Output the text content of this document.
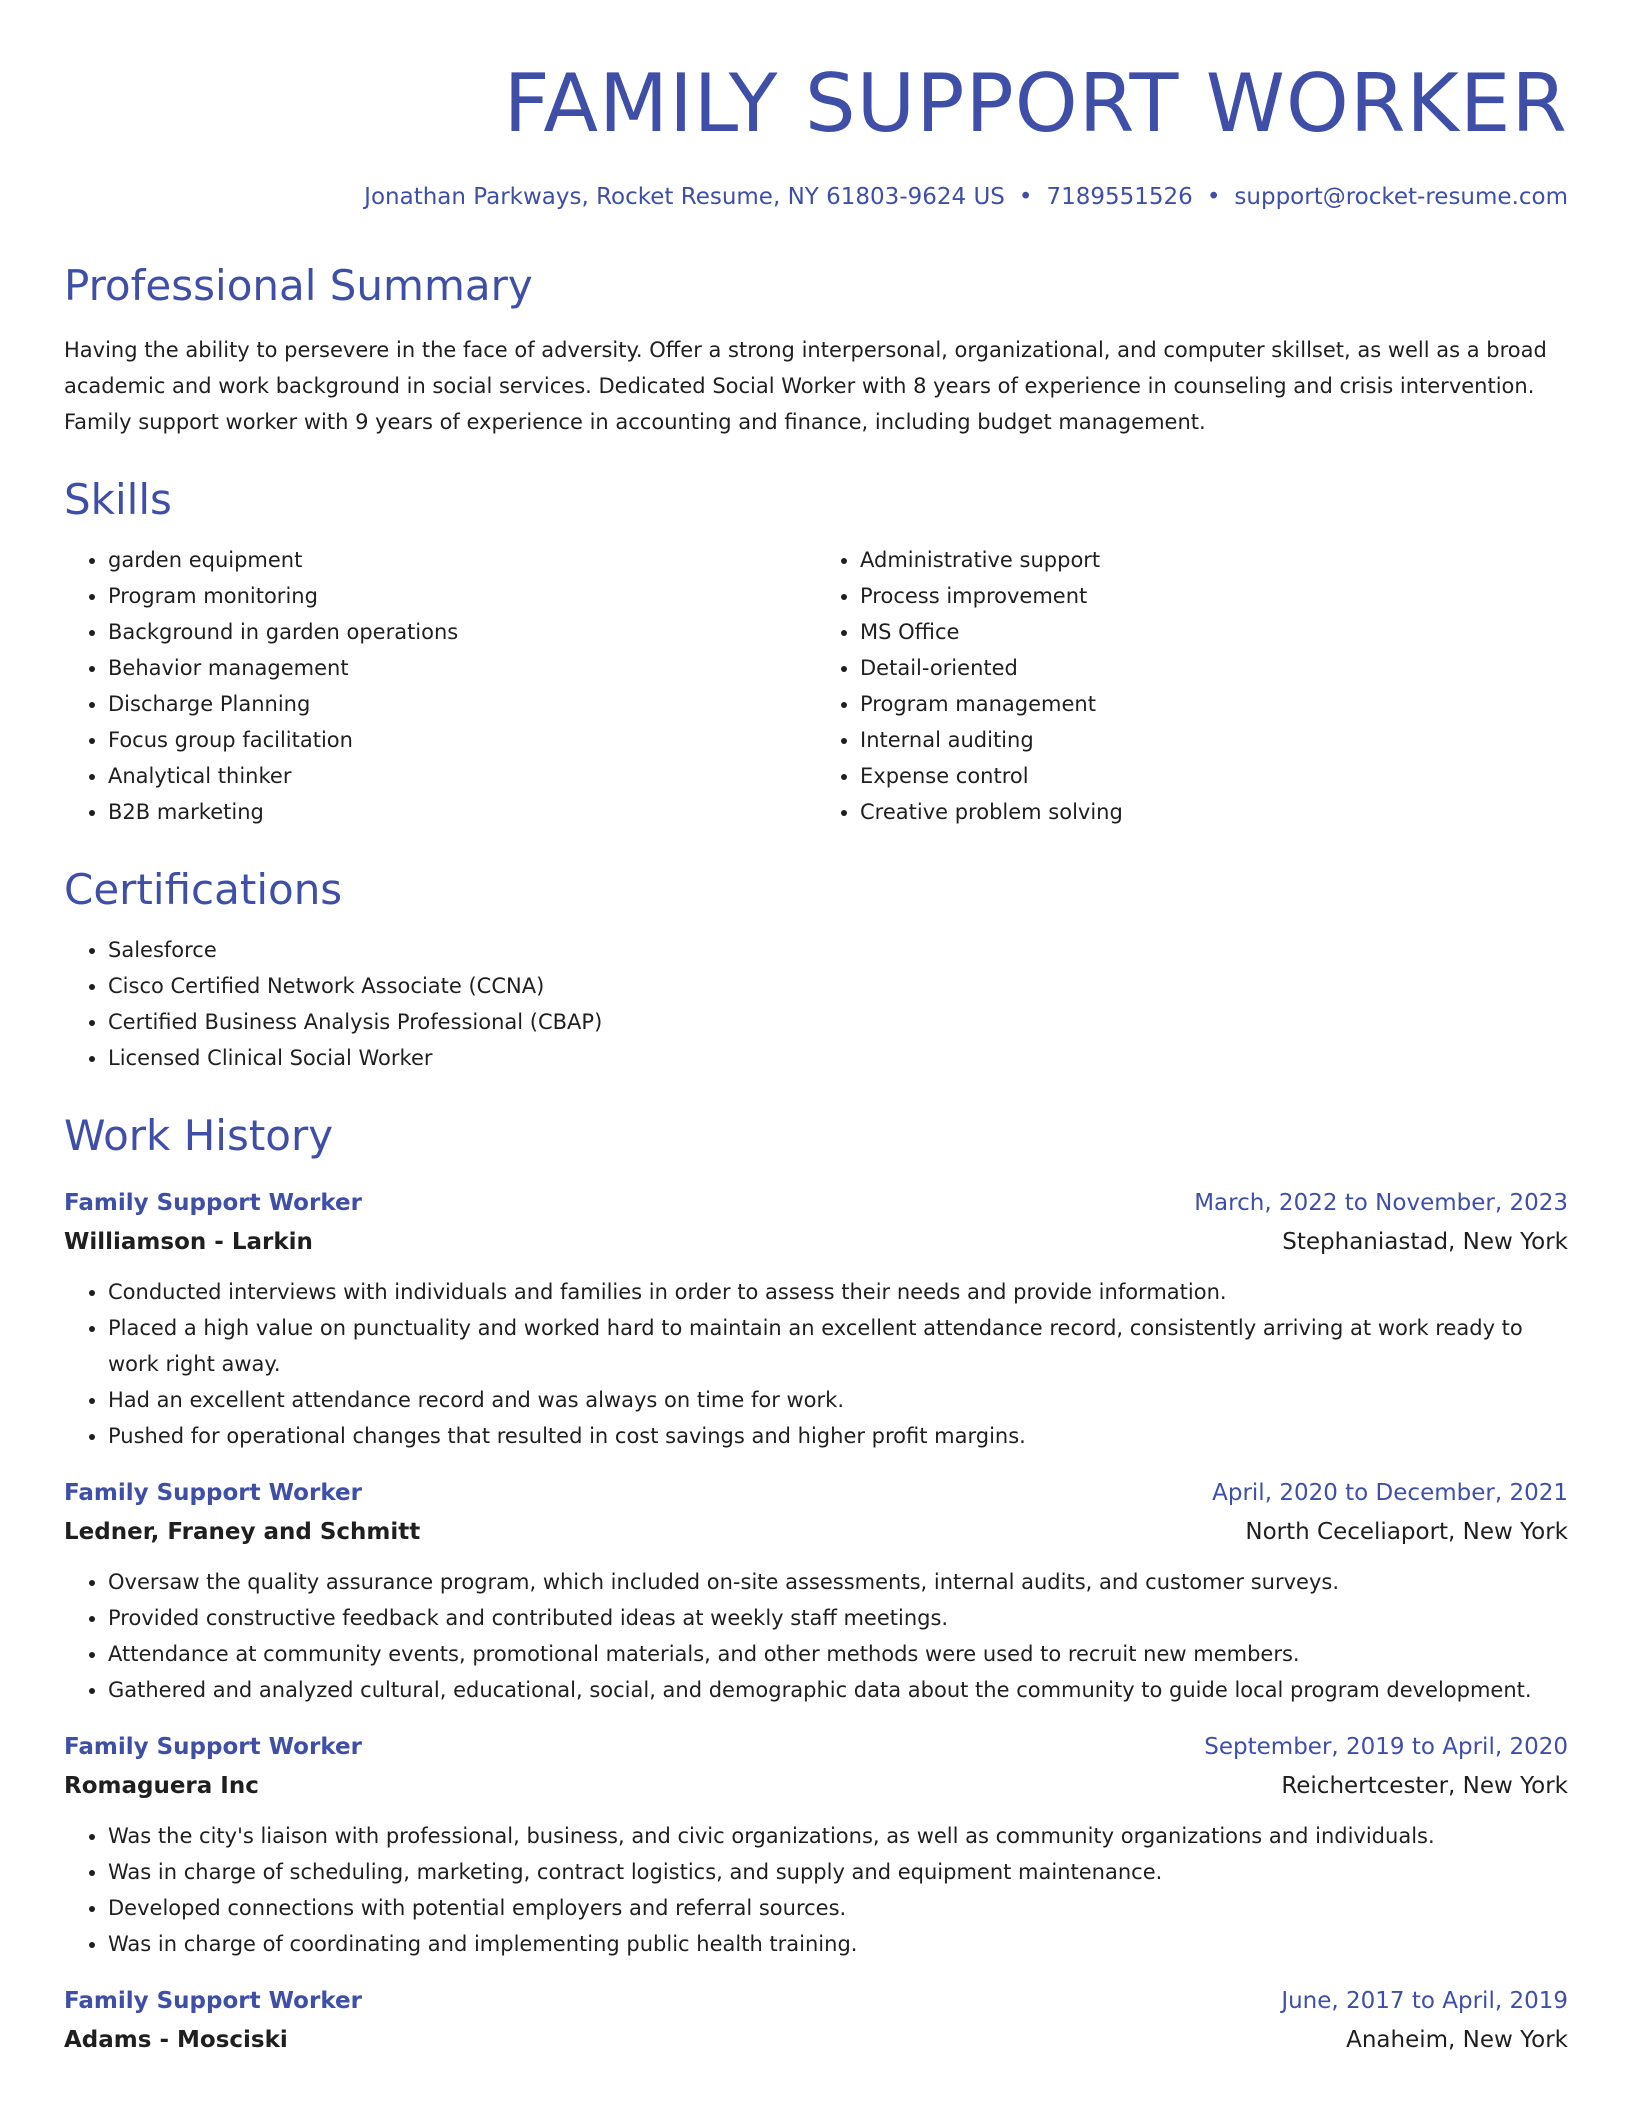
FAMILY SUPPORT WORKER
Jonathan Parkways, Rocket Resume, NY 61803-9624 US • 7189551526 • support@rocket-resume.com
Professional Summary
Having the ability to persevere in the face of adversity. Offer a strong interpersonal, organizational, and computer skillset, as well as a broad academic and work background in social services. Dedicated Social Worker with 8 years of experience in counseling and crisis intervention. Family support worker with 9 years of experience in accounting and finance, including budget management.
Skills
• garden equipment
• Program monitoring
• Background in garden operations
• Behavior management
• Discharge Planning
• Focus group facilitation
• Analytical thinker
• B2B marketing
• Administrative support
• Process improvement
• MS Office
• Detail-oriented
• Program management
• Internal auditing
• Expense control
• Creative problem solving
Certifications
• Salesforce
• Cisco Certified Network Associate (CCNA)
• Certified Business Analysis Professional (CBAP)
• Licensed Clinical Social Worker
Work History
Family Support Worker	March, 2022 to November, 2023
Williamson - Larkin	Stephaniastad, New York
• Conducted interviews with individuals and families in order to assess their needs and provide information.
• Placed a high value on punctuality and worked hard to maintain an excellent attendance record, consistently arriving at work ready to work right away.
• Had an excellent attendance record and was always on time for work.
• Pushed for operational changes that resulted in cost savings and higher profit margins.
Family Support Worker	April, 2020 to December, 2021
Ledner, Franey and Schmitt	North Ceceliaport, New York
• Oversaw the quality assurance program, which included on-site assessments, internal audits, and customer surveys.
• Provided constructive feedback and contributed ideas at weekly staff meetings.
• Attendance at community events, promotional materials, and other methods were used to recruit new members.
• Gathered and analyzed cultural, educational, social, and demographic data about the community to guide local program development.
Family Support Worker	September, 2019 to April, 2020
Romaguera Inc	Reichertcester, New York
• Was the city's liaison with professional, business, and civic organizations, as well as community organizations and individuals.
• Was in charge of scheduling, marketing, contract logistics, and supply and equipment maintenance.
• Developed connections with potential employers and referral sources.
• Was in charge of coordinating and implementing public health training.
Family Support Worker	June, 2017 to April, 2019
Adams - Mosciski	Anaheim, New York
